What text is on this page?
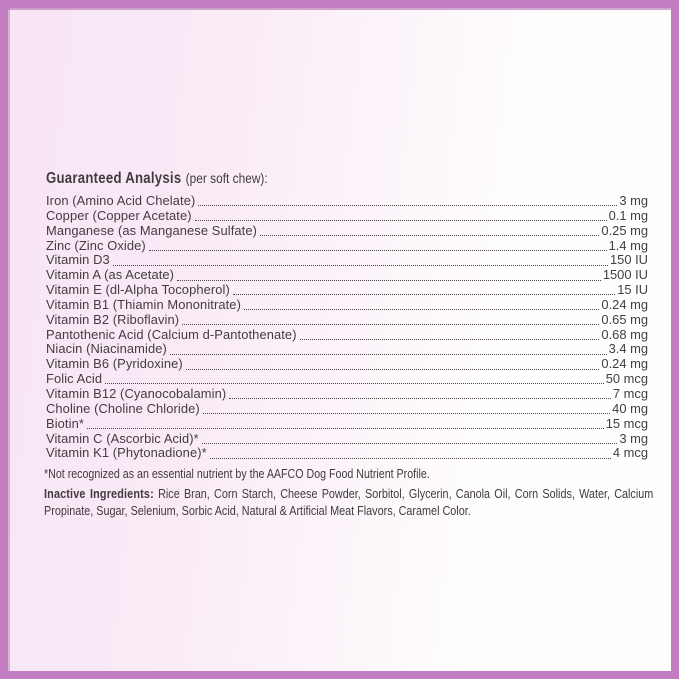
Guaranteed Analysis (per soft chew):
Iron (Amino Acid Chelate)	3 mg
Copper (Copper Acetate)	0.1 mg
Manganese (as Manganese Sulfate)	0.25 mg
Zinc (Zinc Oxide)	1.4 mg
Vitamin D3	150 IU
Vitamin A (as Acetate)	1500 IU
Vitamin E (dl-Alpha Tocopherol)	15 IU
Vitamin B1 (Thiamin Mononitrate)	0.24 mg
Vitamin B2 (Riboflavin)	0.65 mg
Pantothenic Acid (Calcium d-Pantothenate)	0.68 mg
Niacin (Niacinamide)	3.4 mg
Vitamin B6 (Pyridoxine)	0.24 mg
Folic Acid	50 mcg
Vitamin B12 (Cyanocobalamin)	7 mcg
Choline (Choline Chloride)	40 mg
Biotin*	15 mcg
Vitamin C (Ascorbic Acid)*	3 mg
Vitamin K1 (Phytonadione)*	4 mcg
*Not recognized as an essential nutrient by the AAFCO Dog Food Nutrient Profile.

Inactive Ingredients: Rice Bran, Corn Starch, Cheese Powder, Sorbitol, Glycerin, Canola Oil, Corn Solids, Water, Calcium Propinate, Sugar, Selenium, Sorbic Acid, Natural & Artificial Meat Flavors, Caramel Color.
